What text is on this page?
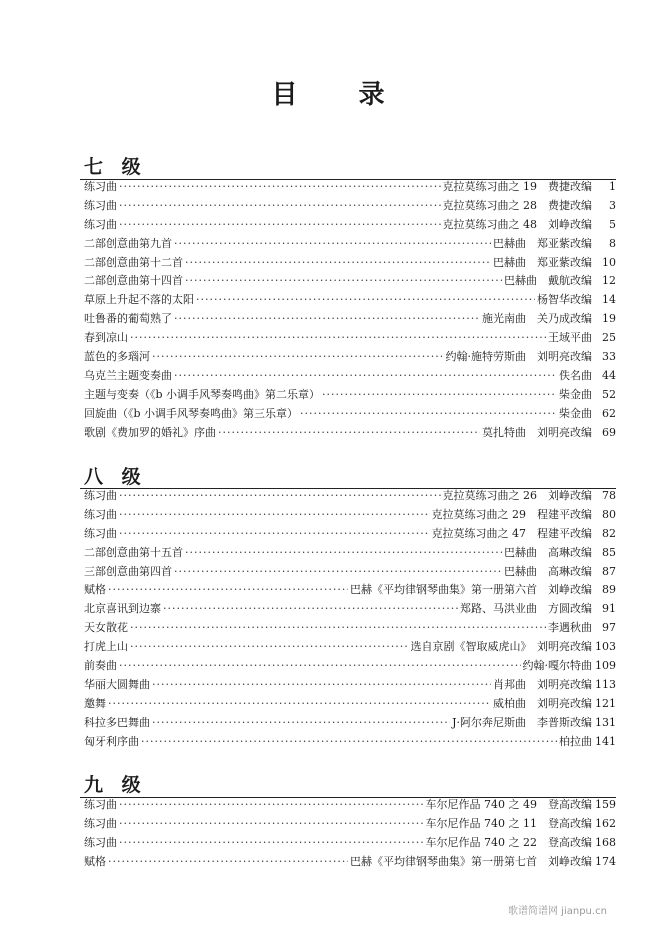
目 录
七 级
练习曲 ·····	克拉莫练习曲之 19　费捷改编	1
练习曲 ·····	克拉莫练习曲之 28　费捷改编	3
练习曲 ·····	克拉莫练习曲之 48　刘峥改编	5
二部创意曲第九首 ·····	巴赫曲　郑亚紫改编	8
二部创意曲第十二首 ·····	巴赫曲　郑亚紫改编 10
二部创意曲第十四首 ·····	巴赫曲　戴航改编 12
草原上升起不落的太阳 ·····	杨智华改编 14
吐鲁番的葡萄熟了 ·····	施光南曲　关乃成改编 19
春到凉山 ·····	王域平曲 25
蓝色的多瑙河 ·····	约翰·施特劳斯曲　刘明亮改编 33
乌克兰主题变奏曲 ·····	佚名曲 44
主题与变奏（《b 小调手风琴奏鸣曲》第二乐章） ·····	柴金曲 52
回旋曲（《b 小调手风琴奏鸣曲》第三乐章） ·····	柴金曲 62
歌剧《费加罗的婚礼》序曲 ·····	莫扎特曲　刘明亮改编 69
八 级
练习曲 ·····	克拉莫练习曲之 26　刘峥改编 78
练习曲 ·····	克拉莫练习曲之 29　程建平改编 80
练习曲 ·····	克拉莫练习曲之 47　程建平改编 82
二部创意曲第十五首 ·····	巴赫曲　高琳改编 85
三部创意曲第四首 ·····	巴赫曲　高琳改编 87
赋格 ·····	巴赫《平均律钢琴曲集》第一册第六首　刘峥改编 89
北京喜讯到边寨 ·····	郑路、马洪业曲　方圆改编 91
天女散花 ·····	李遇秋曲 97
打虎上山 ·····	选自京剧《智取威虎山》　刘明亮改编 103
前奏曲 ·····	约翰·嘎尔特曲 109
华丽大圆舞曲 ·····	肖邦曲　刘明亮改编 113
邀舞 ·····	威柏曲　刘明亮改编 121
科拉多巴舞曲 ·····	J·阿尔奔尼斯曲　李普斯改编 131
匈牙利序曲 ·····	柏拉曲 141
九 级
练习曲 ·····	车尔尼作品 740 之 49　登高改编 159
练习曲 ·····	车尔尼作品 740 之 11　登高改编 162
练习曲 ·····	车尔尼作品 740 之 22　登高改编 168
赋格 ·····	巴赫《平均律钢琴曲集》第一册第七首　刘峥改编 174
歌谱简谱网 jianpu.cn
